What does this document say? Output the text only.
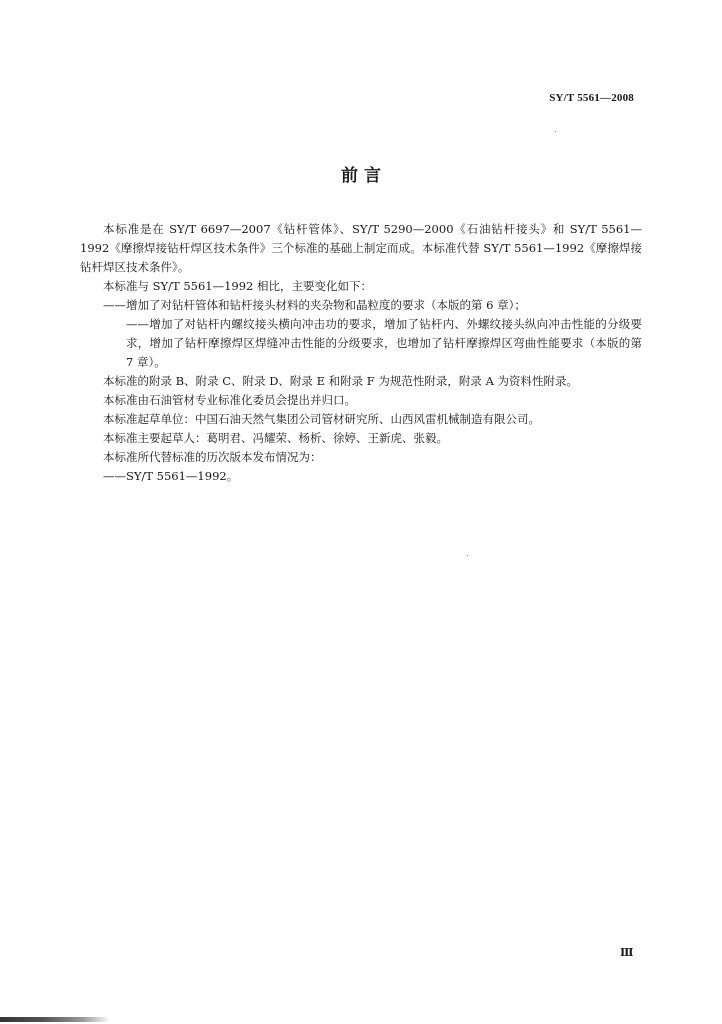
SY/T 5561—2008
前 言

本标准是在 SY/T 6697—2007《钻杆管体》、SY/T 5290—2000《石油钻杆接头》和 SY/T 5561—1992《摩擦焊接钻杆焊区技术条件》三个标准的基础上制定而成。本标准代替 SY/T 5561—1992《摩擦焊接钻杆焊区技术条件》。

本标准与 SY/T 5561—1992 相比，主要变化如下：

——增加了对钻杆管体和钻杆接头材料的夹杂物和晶粒度的要求（本版的第 6 章）；

——增加了对钻杆内螺纹接头横向冲击功的要求，增加了钻杆内、外螺纹接头纵向冲击性能的分级要求，增加了钻杆摩擦焊区焊缝冲击性能的分级要求，也增加了钻杆摩擦焊区弯曲性能要求（本版的第 7 章）。

本标准的附录 B、附录 C、附录 D、附录 E 和附录 F 为规范性附录，附录 A 为资料性附录。

本标准由石油管材专业标准化委员会提出并归口。

本标准起草单位：中国石油天然气集团公司管材研究所、山西风雷机械制造有限公司。

本标准主要起草人：葛明君、冯耀荣、杨析、徐婷、王新虎、张毅。

本标准所代替标准的历次版本发布情况为：

——SY/T 5561—1992。

Ⅲ
